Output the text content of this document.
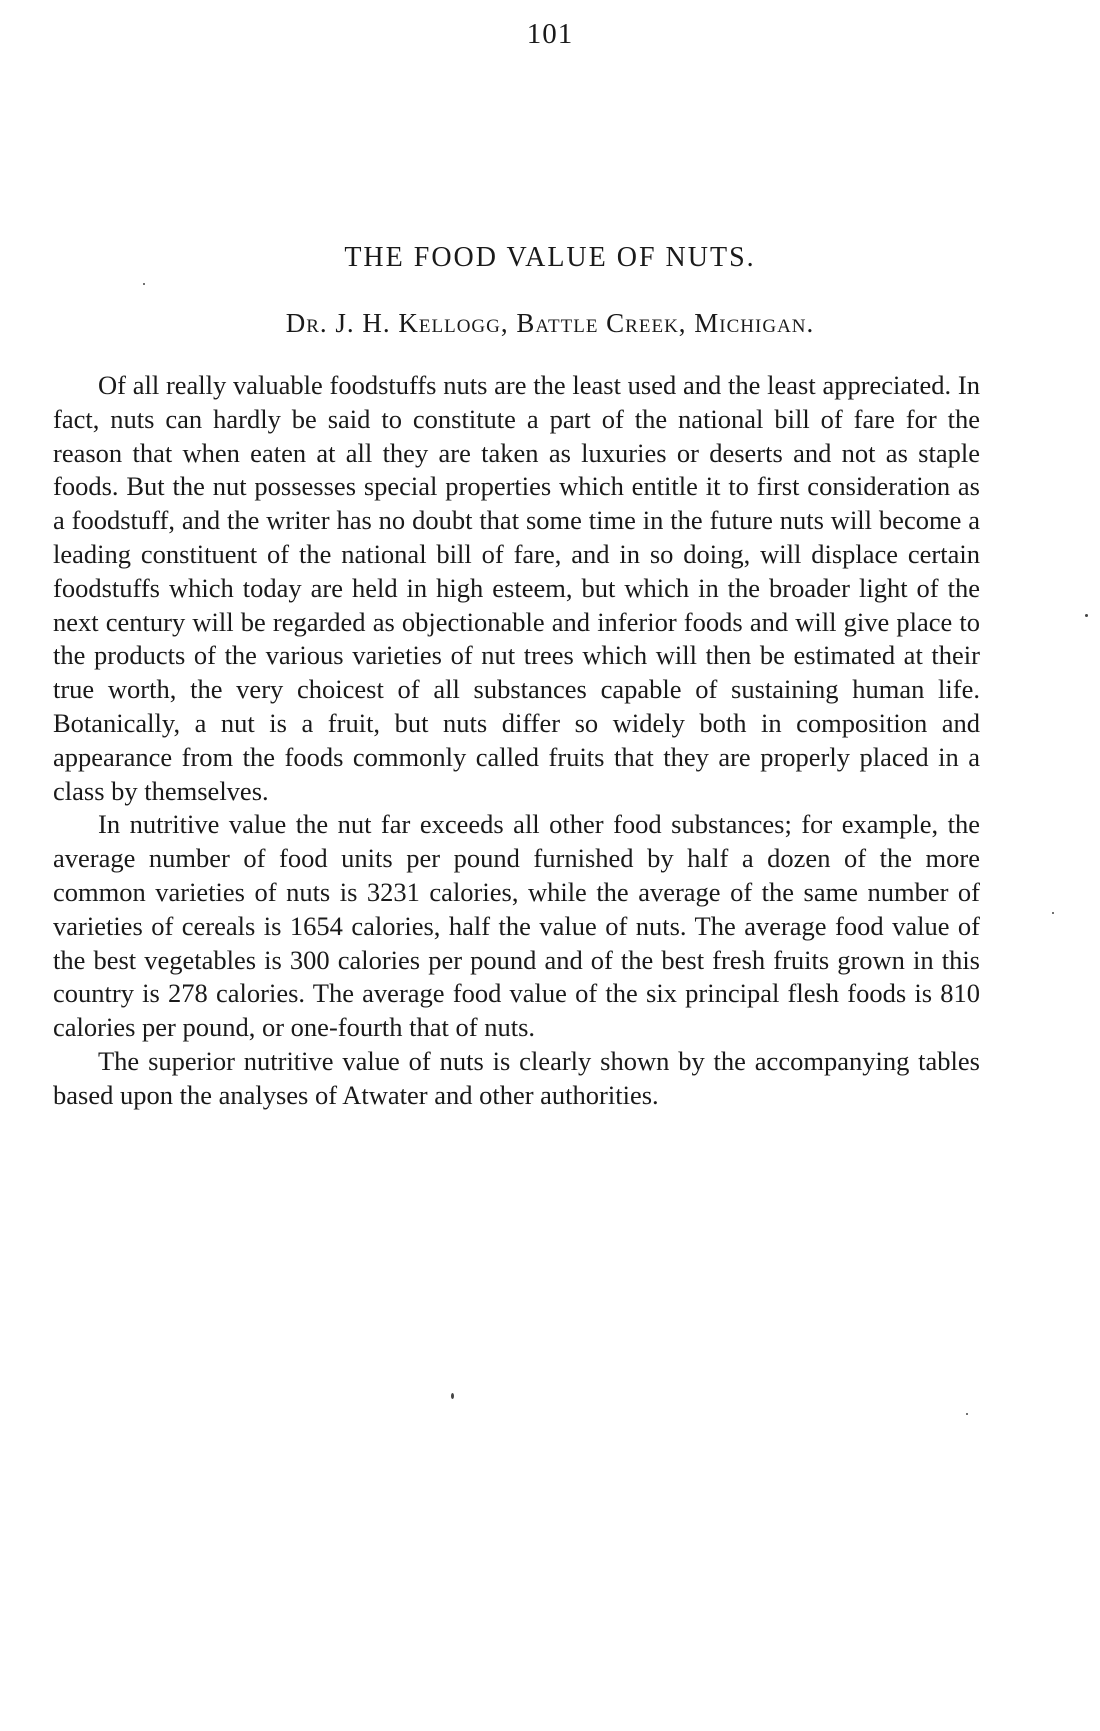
101
THE FOOD VALUE OF NUTS.
Dr. J. H. Kellogg, Battle Creek, Michigan.

Of all really valuable foodstuffs nuts are the least used and the least appreciated. In fact, nuts can hardly be said to constitute a part of the national bill of fare for the reason that when eaten at all they are taken as luxuries or deserts and not as staple foods. But the nut possesses special properties which entitle it to first consideration as a foodstuff, and the writer has no doubt that some time in the future nuts will become a leading constituent of the national bill of fare, and in so doing, will displace certain foodstuffs which today are held in high esteem, but which in the broader light of the next century will be regarded as objectionable and inferior foods and will give place to the products of the various varieties of nut trees which will then be estimated at their true worth, the very choicest of all substances capable of sustaining human life. Botanically, a nut is a fruit, but nuts differ so widely both in composition and appearance from the foods commonly called fruits that they are properly placed in a class by themselves.

In nutritive value the nut far exceeds all other food substances; for example, the average number of food units per pound furnished by half a dozen of the more common varieties of nuts is 3231 calories, while the average of the same number of varieties of cereals is 1654 calories, half the value of nuts. The average food value of the best vegetables is 300 calories per pound and of the best fresh fruits grown in this country is 278 calories. The average food value of the six principal flesh foods is 810 calories per pound, or one-fourth that of nuts.

The superior nutritive value of nuts is clearly shown by the accompanying tables based upon the analyses of Atwater and other authorities.
